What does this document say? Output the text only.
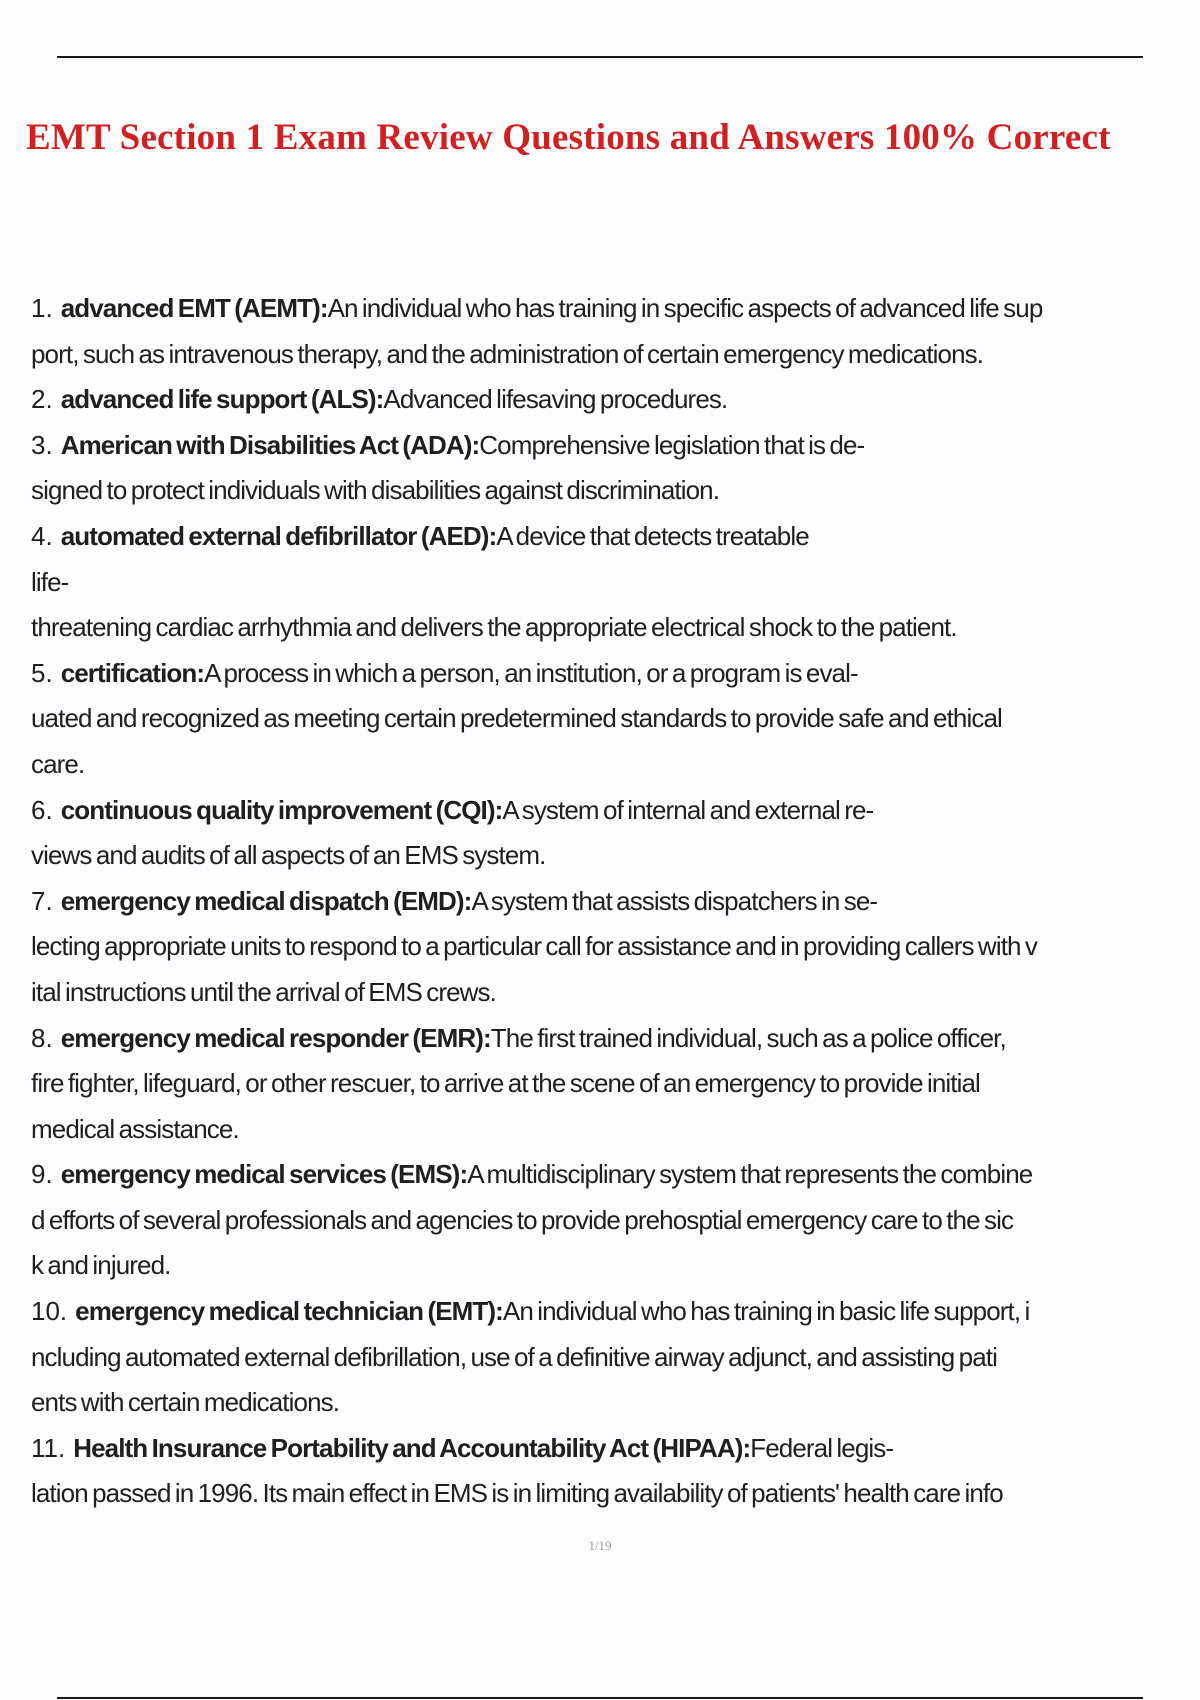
EMT Section 1 Exam Review Questions and Answers 100% Correct
1. advanced EMT (AEMT):An individual who has training in specific aspects of advanced life sup
port, such as intravenous therapy, and the administration of certain emergency medications.
2. advanced life support (ALS):Advanced lifesaving procedures.
3. American with Disabilities Act (ADA):Comprehensive legislation that is de-
signed to protect individuals with disabilities against discrimination.
4. automated external defibrillator (AED):A device that detects treatable
life-
threatening cardiac arrhythmia and delivers the appropriate electrical shock to the patient.
5. certification:A process in which a person, an institution, or a program is eval-
uated and recognized as meeting certain predetermined standards to provide safe and ethical
care.
6. continuous quality improvement (CQI):A system of internal and external re-
views and audits of all aspects of an EMS system.
7. emergency medical dispatch (EMD):A system that assists dispatchers in se-
lecting appropriate units to respond to a particular call for assistance and in providing callers with v
ital instructions until the arrival of EMS crews.
8. emergency medical responder (EMR):The first trained individual, such as a police officer,
fire fighter, lifeguard, or other rescuer, to arrive at the scene of an emergency to provide initial
medical assistance.
9. emergency medical services (EMS):A multidisciplinary system that represents the combine
d efforts of several professionals and agencies to provide prehosptial emergency care to the sic
k and injured.
10. emergency medical technician (EMT):An individual who has training in basic life support, i
ncluding automated external defibrillation, use of a definitive airway adjunct, and assisting pati
ents with certain medications.
11. Health Insurance Portability and Accountability Act (HIPAA):Federal legis-
lation passed in 1996. Its main effect in EMS is in limiting availability of patients' health care info
1/19
